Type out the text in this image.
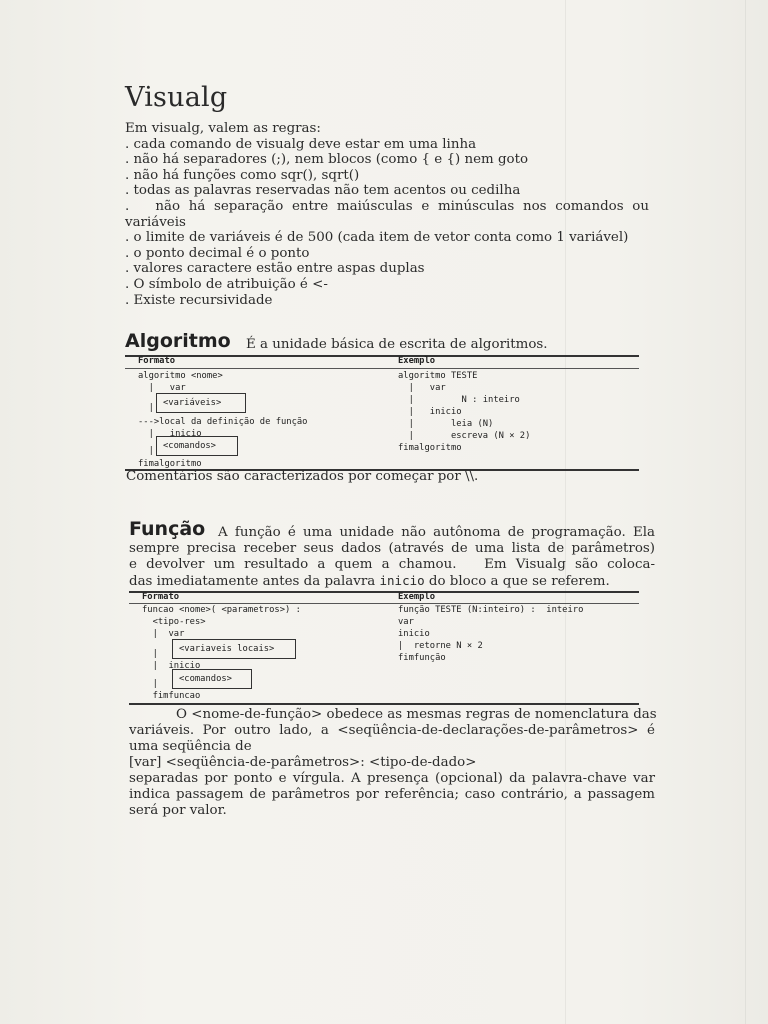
Visualg
Em visualg, valem as regras:
. cada comando de visualg deve estar em uma linha
. não há separadores (;), nem blocos (como { e {) nem goto
. não há funções como sqr(), sqrt()
. todas as palavras reservadas não tem acentos ou cedilha
.   não há separação entre maiúsculas e minúsculas nos comandos ou
variáveis
. o limite de variáveis é de 500 (cada item de vetor conta como 1 variável)
. o ponto decimal é o ponto
. valores caractere estão entre aspas duplas
. O símbolo de atribuição é <-
. Existe recursividade
Algoritmo É a unidade básica de escrita de algoritmos.
Formato	Exemplo
algoritmo <nome>
|   var
| <variáveis>
--->local da definição de função
|   inicio
| <comandos>
fimalgoritmo
algoritmo TESTE
|   var
|         N : inteiro
|   inicio
|       leia (N)
|       escreva (N × 2)
fimalgoritmo
Comentários são caracterizados por começar por \\.
Função A função é uma unidade não autônoma de programação. Ela
sempre precisa receber seus dados (através de uma lista de parâmetros)
e devolver um resultado a quem a chamou.   Em Visualg são coloca-
das imediatamente antes da palavra inicio do bloco a que se referem.
Formato	Exemplo
funcao <nome>( <parametros>) :
<tipo-res>
|  var
| <variaveis locais>
|  inicio
| <comandos>
fimfuncao
função TESTE (N:inteiro) :  inteiro
var
inicio
|  retorne N × 2
fimfunção
O <nome-de-função> obedece as mesmas regras de nomenclatura das
variáveis. Por outro lado, a <seqüência-de-declarações-de-parâmetros> é
uma seqüência de
[var] <seqüência-de-parâmetros>: <tipo-de-dado>
separadas por ponto e vírgula. A presença (opcional) da palavra-chave var
indica passagem de parâmetros por referência; caso contrário, a passagem
será por valor.
